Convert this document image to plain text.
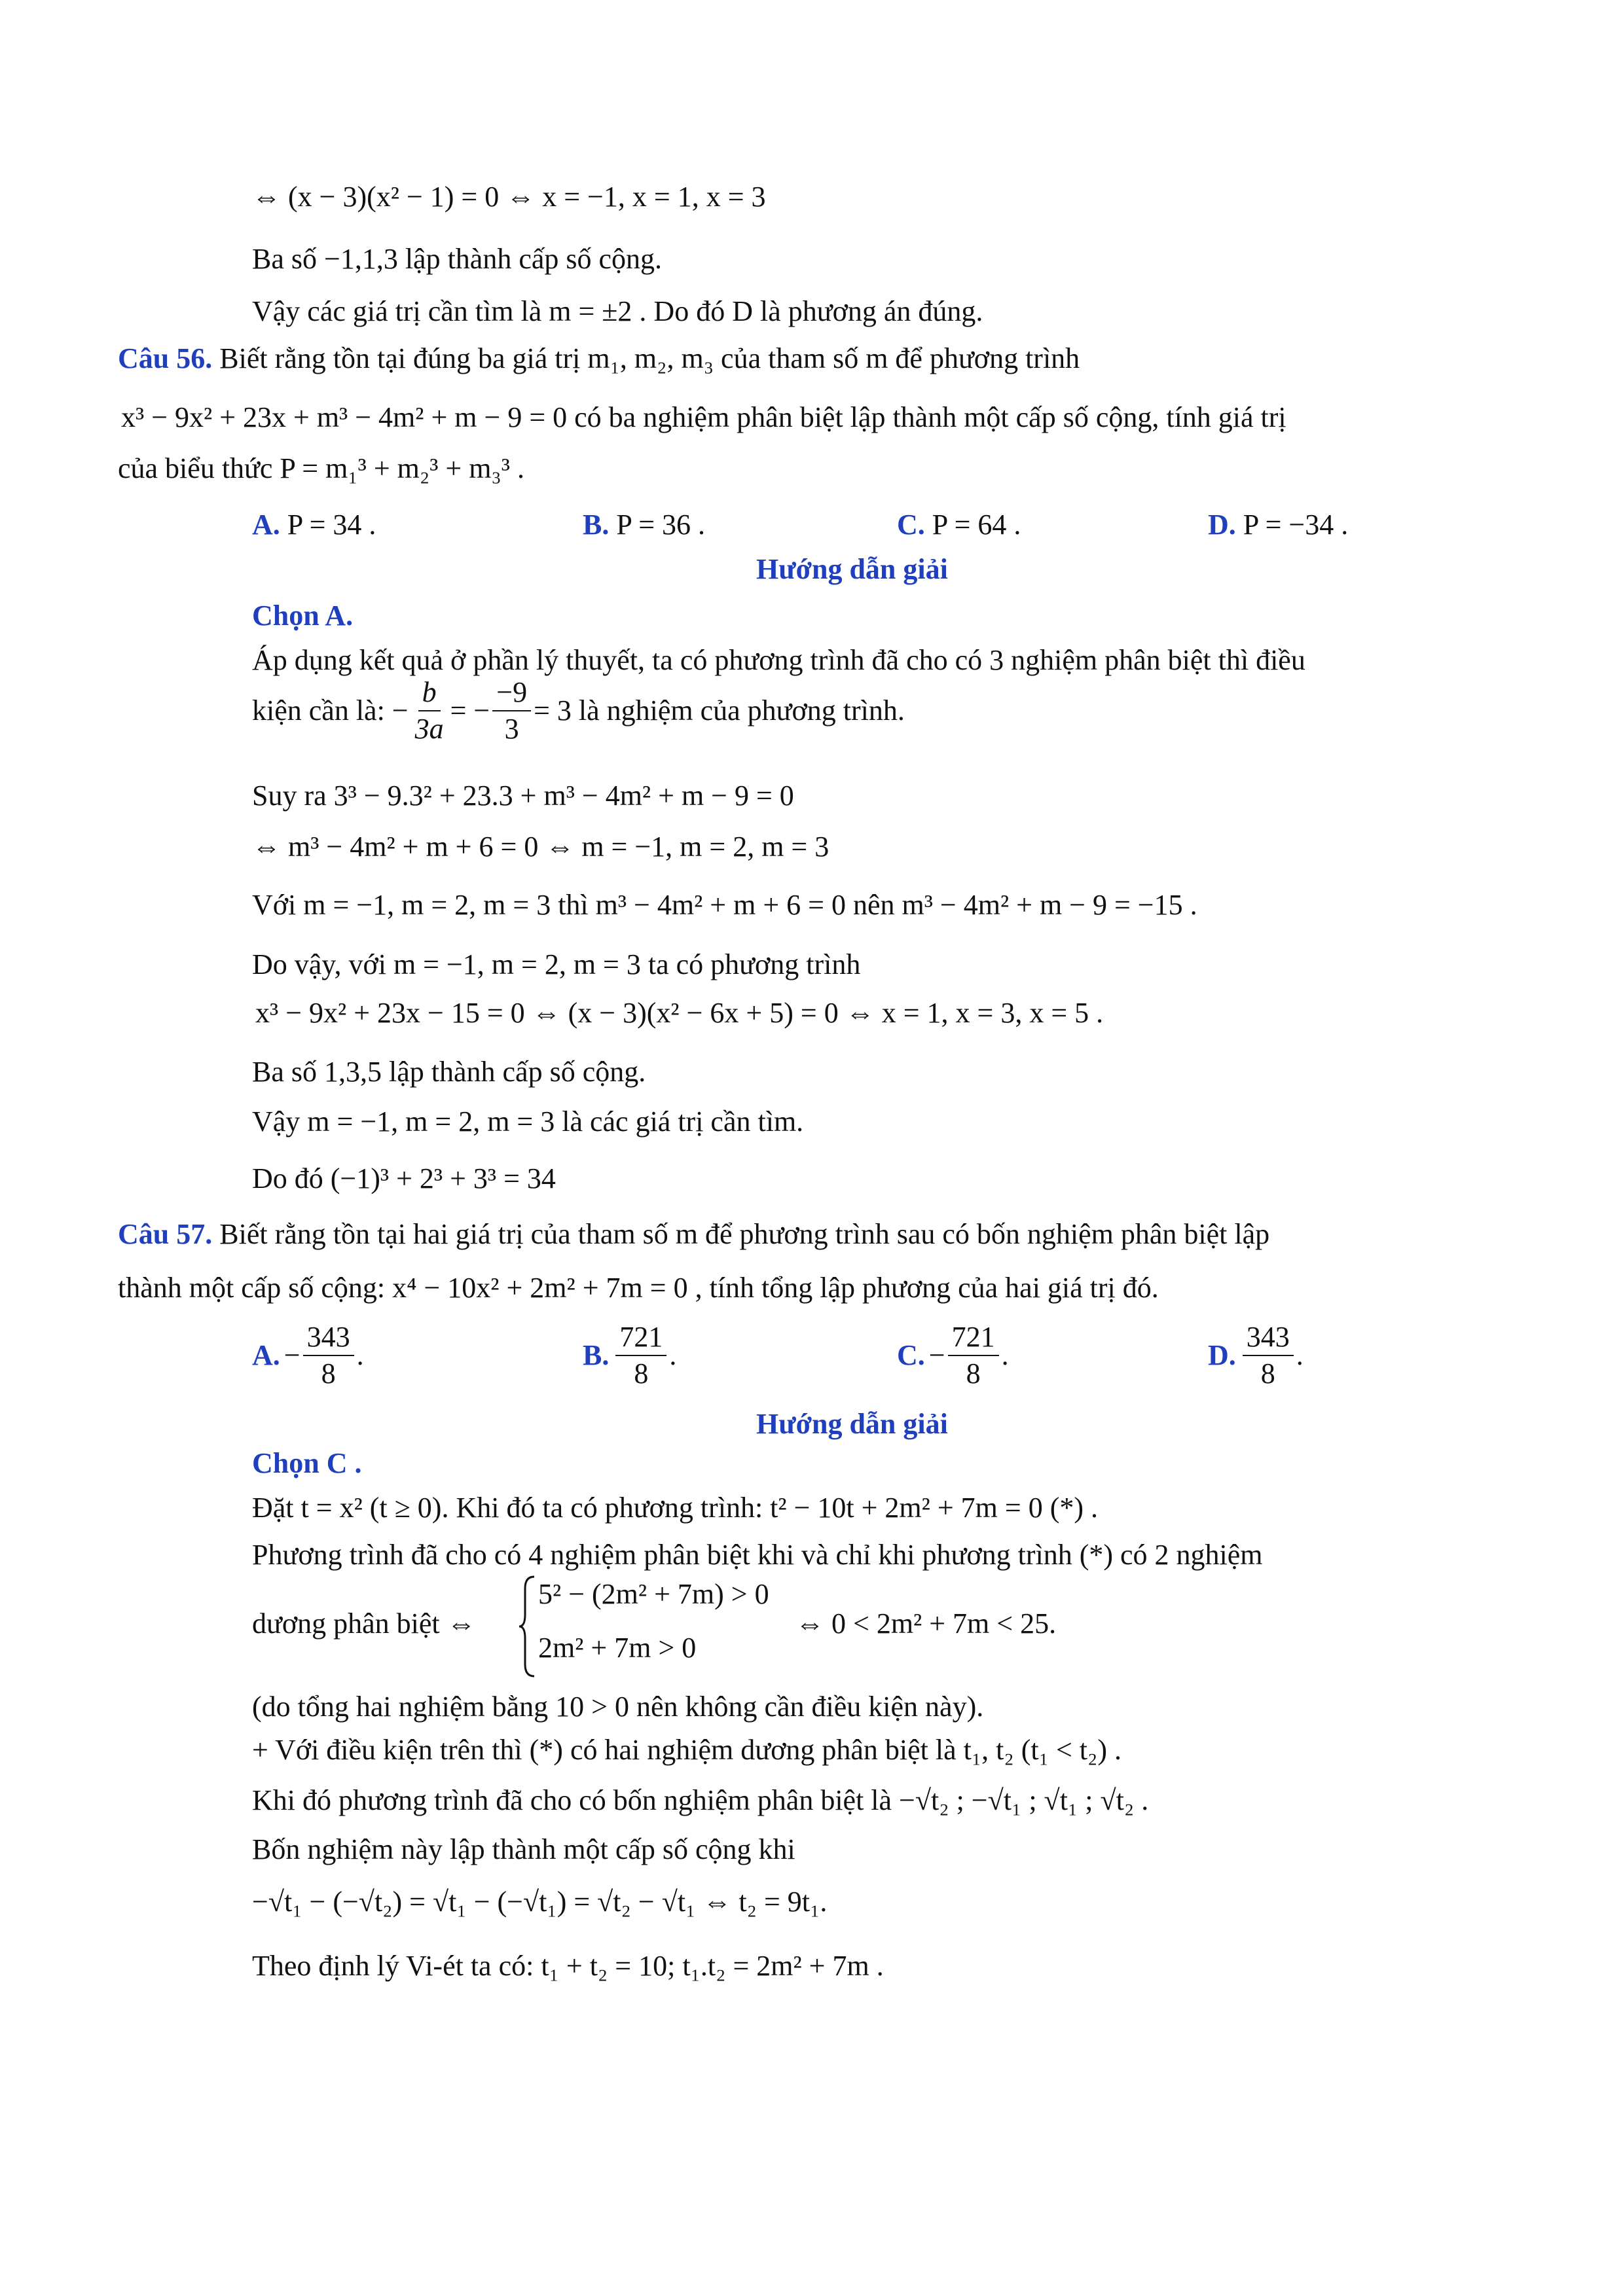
⇔ (x − 3)(x² − 1) = 0 ⇔ x = −1, x = 1, x = 3
Ba số −1,1,3 lập thành cấp số cộng.
Vậy các giá trị cần tìm là m = ±2 . Do đó D là phương án đúng.
Câu 56. Biết rằng tồn tại đúng ba giá trị m₁, m₂, m₃ của tham số m để phương trình
x³ − 9x² + 23x + m³ − 4m² + m − 9 = 0 có ba nghiệm phân biệt lập thành một cấp số cộng, tính giá trị
của biểu thức P = m₁³ + m₂³ + m₃³ .
A. P = 34 .	B. P = 36 .	C. P = 64 .	D. P = −34 .
Hướng dẫn giải
Chọn A.
Áp dụng kết quả ở phần lý thuyết, ta có phương trình đã cho có 3 nghiệm phân biệt thì điều
kiện cần là: − $\frac{b}{3a}$ = − $\frac{-9}{3} = 3$ là nghiệm của phương trình.
Suy ra 3³ − 9.3² + 23.3 + m³ − 4m² + m − 9 = 0
⇔ m³ − 4m² + m + 6 = 0 ⇔ m = −1, m = 2, m = 3
Với m = −1, m = 2, m = 3 thì m³ − 4m² + m + 6 = 0 nên m³ − 4m² + m − 9 = −15 .
Do vậy, với m = −1, m = 2, m = 3 ta có phương trình
x³ − 9x² + 23x − 15 = 0 ⇔ (x − 3)(x² − 6x + 5) = 0 ⇔ x = 1, x = 3, x = 5 .
Ba số 1,3,5 lập thành cấp số cộng.
Vậy m = −1, m = 2, m = 3 là các giá trị cần tìm.
Do đó (−1)³ + 2³ + 3³ = 34
Câu 57. Biết rằng tồn tại hai giá trị của tham số m để phương trình sau có bốn nghiệm phân biệt lập
thành một cấp số cộng: x⁴ − 10x² + 2m² + 7m = 0 , tính tổng lập phương của hai giá trị đó.
A. − $\frac{343}{8}$ .	B. $\frac{721}{8}$ .	C. − $\frac{721}{8}$ .	D. $\frac{343}{8}$ .
Hướng dẫn giải
Chọn C .
Đặt t = x² (t ≥ 0). Khi đó ta có phương trình: t² − 10t + 2m² + 7m = 0 (*) .
Phương trình đã cho có 4 nghiệm phân biệt khi và chỉ khi phương trình (*) có 2 nghiệm
dương phân biệt ⇔
5² − (2m² + 7m) > 0
2m² + 7m > 0
⇔ 0 < 2m² + 7m < 25.
(do tổng hai nghiệm bằng 10 > 0 nên không cần điều kiện này).
+ Với điều kiện trên thì (*) có hai nghiệm dương phân biệt là t₁, t₂ (t₁ < t₂) .
Khi đó phương trình đã cho có bốn nghiệm phân biệt là −√t₂ ; −√t₁ ; √t₁ ; √t₂ .
Bốn nghiệm này lập thành một cấp số cộng khi
−√t₁ − (−√t₂) = √t₁ − (−√t₁) = √t₂ − √t₁ ⇔ t₂ = 9t₁.
Theo định lý Vi-ét ta có: t₁ + t₂ = 10; t₁.t₂ = 2m² + 7m .
